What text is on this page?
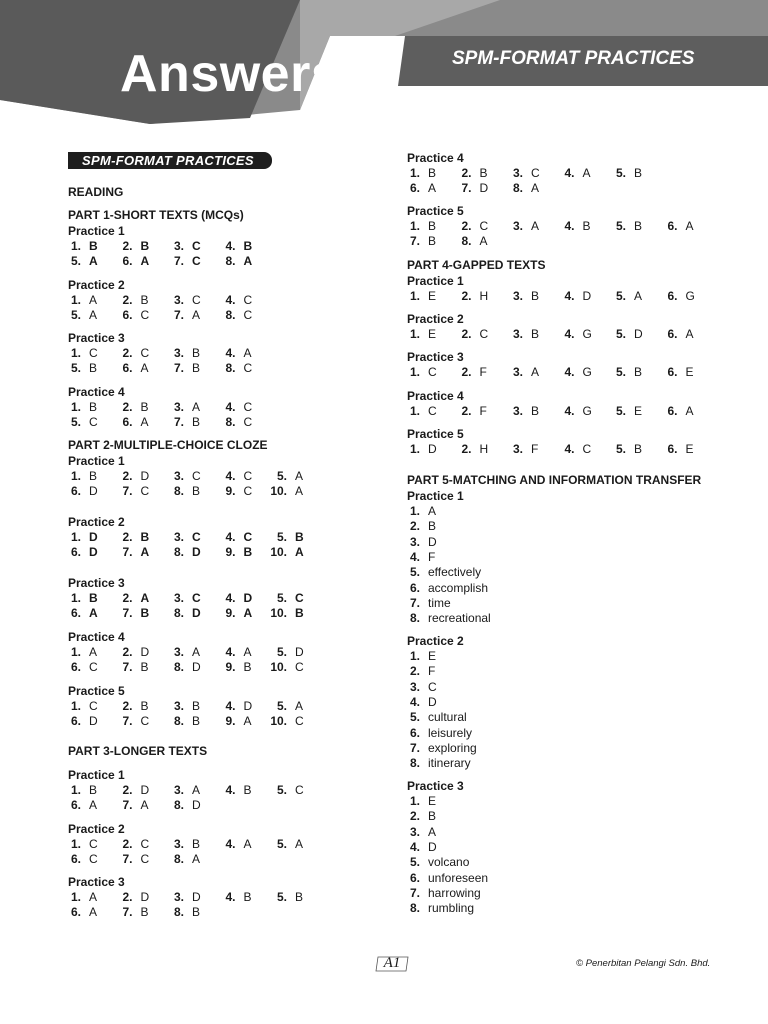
Answers	SPM-FORMAT PRACTICES
SPM-FORMAT PRACTICES
READING
PART 1-SHORT TEXTS (MCQs)
Practice 1
1. B	2. B	3. C	4. B
5. A	6. A	7. C	8. A
Practice 2
1. A	2. B	3. C	4. C
5. A	6. C	7. A	8. C
Practice 3
1. C	2. C	3. B	4. A
5. B	6. A	7. B	8. C
Practice 4
1. B	2. B	3. A	4. C
5. C	6. A	7. B	8. C
PART 2-MULTIPLE-CHOICE CLOZE
Practice 1
1. B	2. D	3. C	4. C	5. A
6. D	7. C	8. B	9. C 10. A
Practice 2
1. D	2. B	3. C	4. C	5. B
6. D	7. A	8. D	9. B 10. A
Practice 3
1. B	2. A	3. C	4. D	5. C
6. A	7. B	8. D	9. A 10. B
Practice 4
1. A	2. D	3. A	4. A	5. D
6. C	7. B	8. D	9. B 10. C
Practice 5
1. C	2. B	3. B	4. D	5. A
6. D	7. C	8. B	9. A 10. C
PART 3-LONGER TEXTS
Practice 1
1. B	2. D	3. A	4. B	5. C
6. A	7. A	8. D
Practice 2
1. C	2. C	3. B	4. A	5. A
6. C	7. C	8. A
Practice 3
1. A	2. D	3. D	4. B	5. B
6. A	7. B	8. B
Practice 4
1. B	2. B	3. C	4. A	5. B
6. A	7. D	8. A
Practice 5
1. B	2. C	3. A	4. B	5. B	6. A
7. B	8. A
PART 4-GAPPED TEXTS
Practice 1
1. E	2. H	3. B	4. D	5. A	6. G
Practice 2
1. E	2. C	3. B	4. G	5. D	6. A
Practice 3
1. C	2. F	3. A	4. G	5. B	6. E
Practice 4
1. C	2. F	3. B	4. G	5. E	6. A
Practice 5
1. D	2. H	3. F	4. C	5. B	6. E
PART 5-MATCHING AND INFORMATION TRANSFER
Practice 1
1. A
2. B
3. D
4. F
5. effectively
6. accomplish
7. time
8. recreational
Practice 2
1. E
2. F
3. C
4. D
5. cultural
6. leisurely
7. exploring
8. itinerary
Practice 3
1. E
2. B
3. A
4. D
5. volcano
6. unforeseen
7. harrowing
8. rumbling
A1	© Penerbitan Pelangi Sdn. Bhd.
